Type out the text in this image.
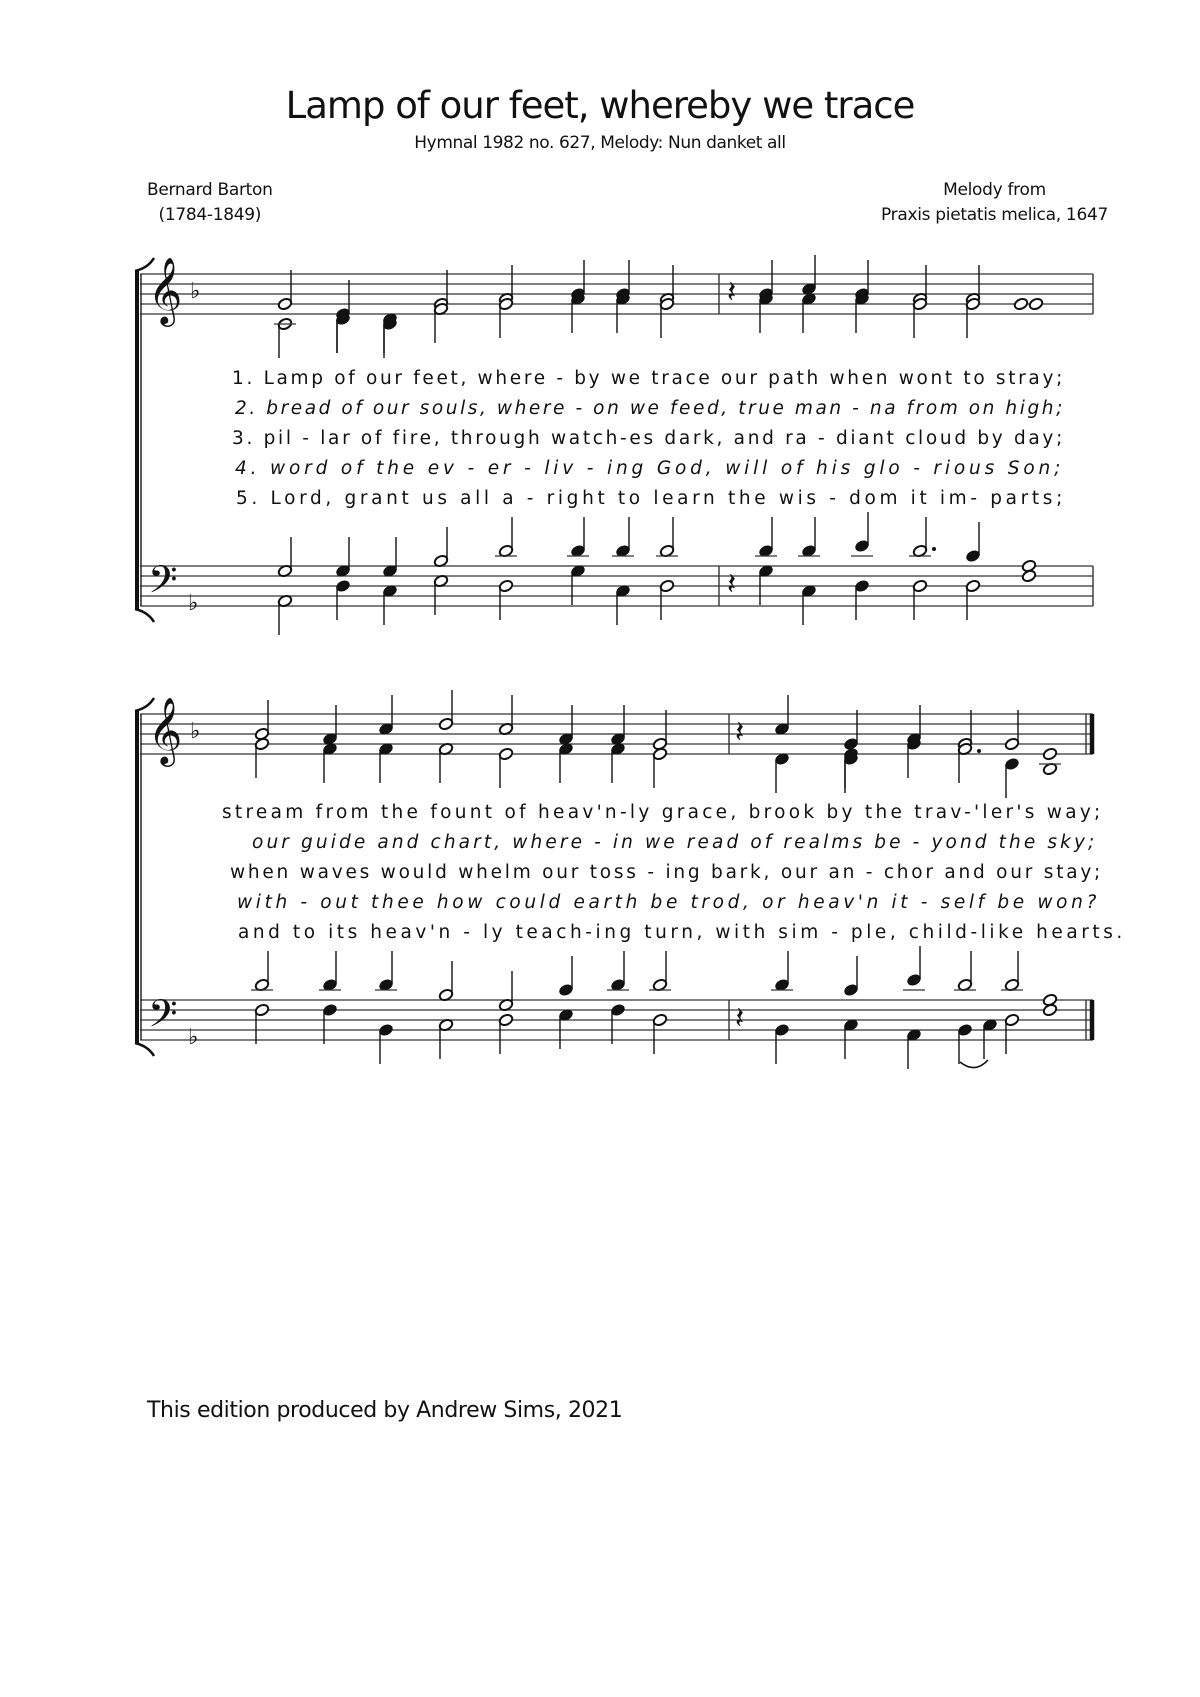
Lamp of our feet, whereby we trace
Hymnal 1982 no. 627, Melody: Nun danket all
Bernard Barton
(1784-1849)
Melody from
Praxis pietatis melica, 1647
𝄞 ♭
𝄢 ♭
𝄽
𝄽
𝄞 ♭
𝄢 ♭
𝄽
𝄽
1. Lamp of our feet, where - by we trace our path when wont to stray;
2. bread of our souls, where - on we feed, true man - na from on high;
3. pil - lar of fire, through watch-es dark, and ra - diant cloud by day;
4. word of the ev - er - liv - ing God, will of his glo - rious Son;
5. Lord, grant us all a - right to learn the wis - dom it im- parts;
stream from the fount of heav'n-ly grace, brook by the trav-'ler's way;
our guide and chart, where - in we read of realms be - yond the sky;
when waves would whelm our toss - ing bark, our an - chor and our stay;
with - out thee how could earth be trod, or heav'n it - self be won?
and to its heav'n - ly teach-ing turn, with sim - ple, child-like hearts.
This edition produced by Andrew Sims, 2021
